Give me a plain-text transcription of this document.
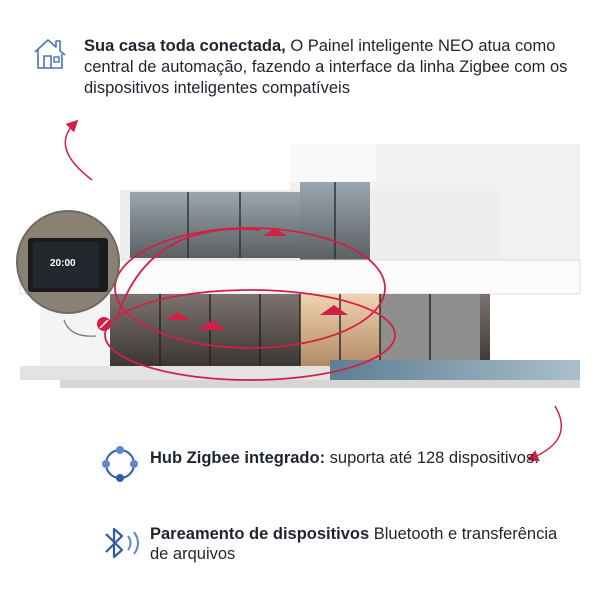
Sua casa toda conectada, O Painel inteligente NEO atua como central de automação, fazendo a interface da linha Zigbee com os dispositivos inteligentes compatíveis
20:00
Hub Zigbee integrado: suporta até 128 dispositivos.
Pareamento de dispositivos Bluetooth e transferência de arquivos
